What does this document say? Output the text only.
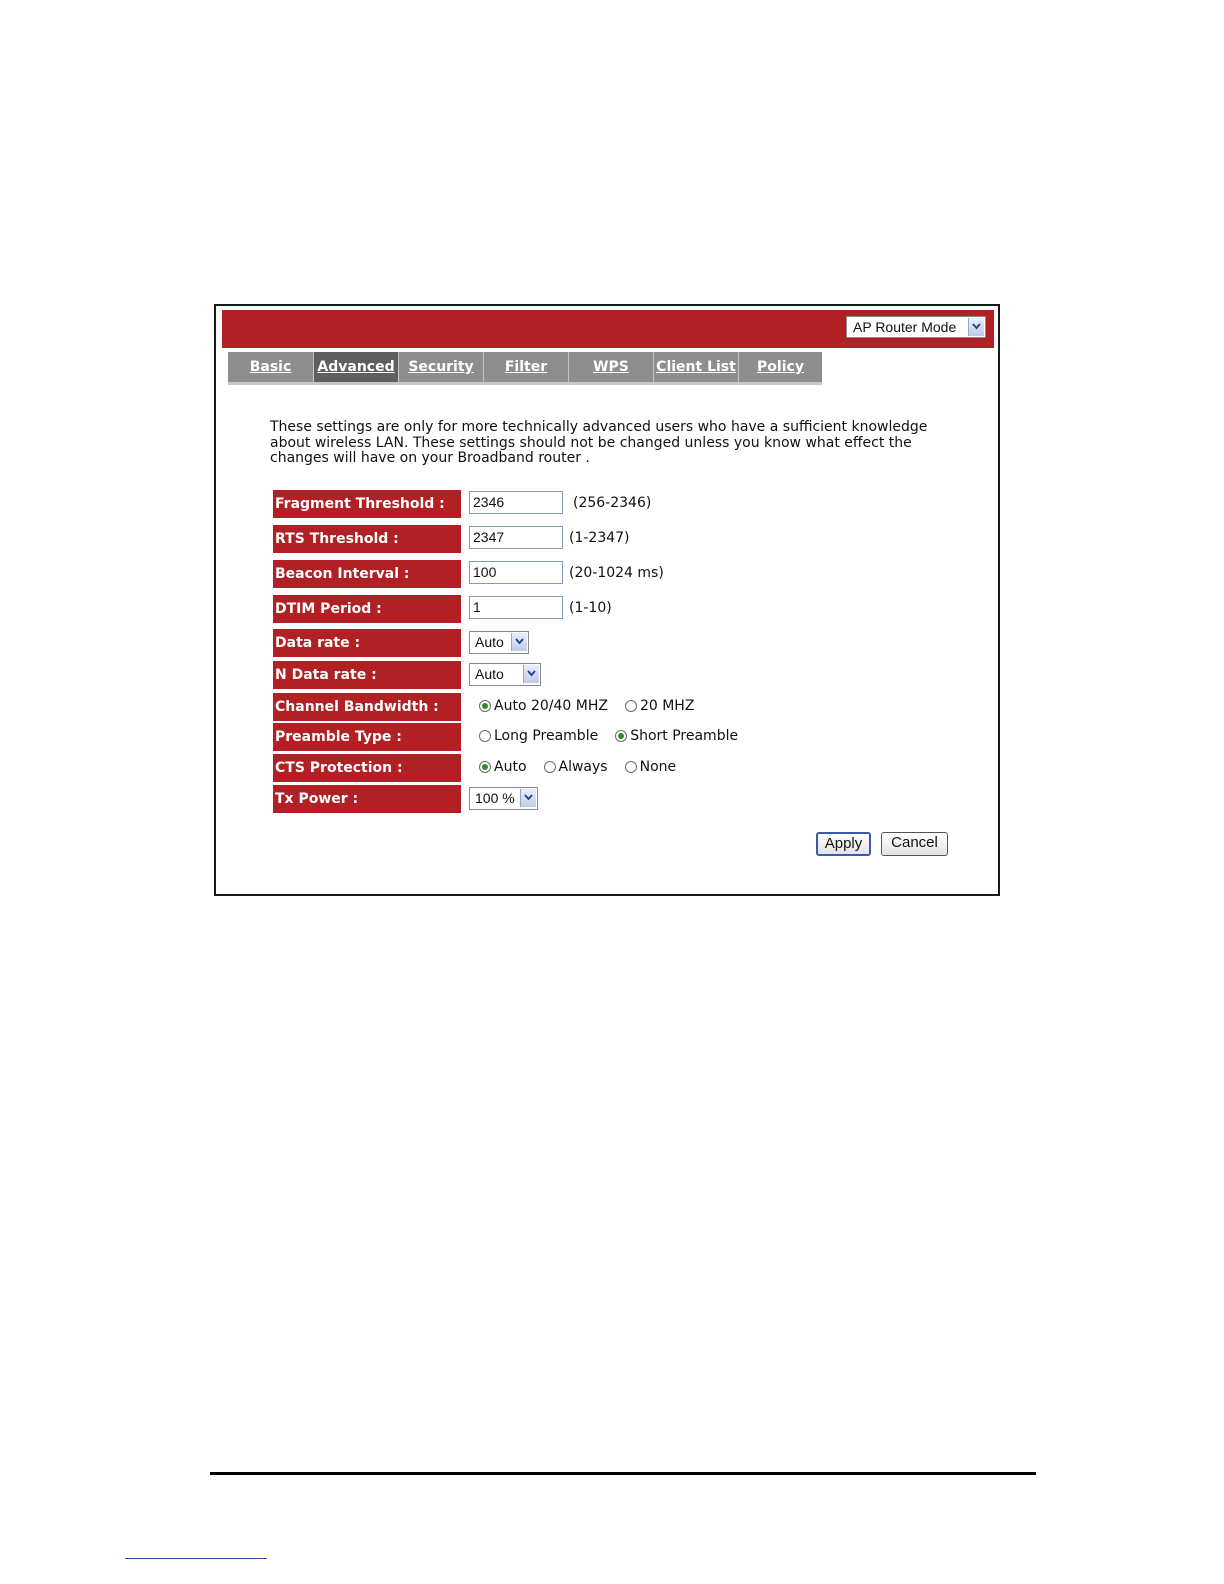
AP Router Mode
Basic Advanced Security Filter	WPS Client List Policy
These settings are only for more technically advanced users who have a sufficient knowledge about wireless LAN. These settings should not be changed unless you know what effect the changes will have on your Broadband router .
Fragment Threshold :	2346	(256-2346)
RTS Threshold :	2347	(1-2347)
Beacon Interval :	100	(20-1024 ms)
DTIM Period :	1	(1-10)
Data rate :	Auto
N Data rate :	Auto
Channel Bandwidth :	Auto 20/40 MHZ 20 MHZ
Preamble Type :	Long Preamble Short Preamble
CTS Protection :	Auto Always None
Tx Power :	100 %
Apply	Cancel
